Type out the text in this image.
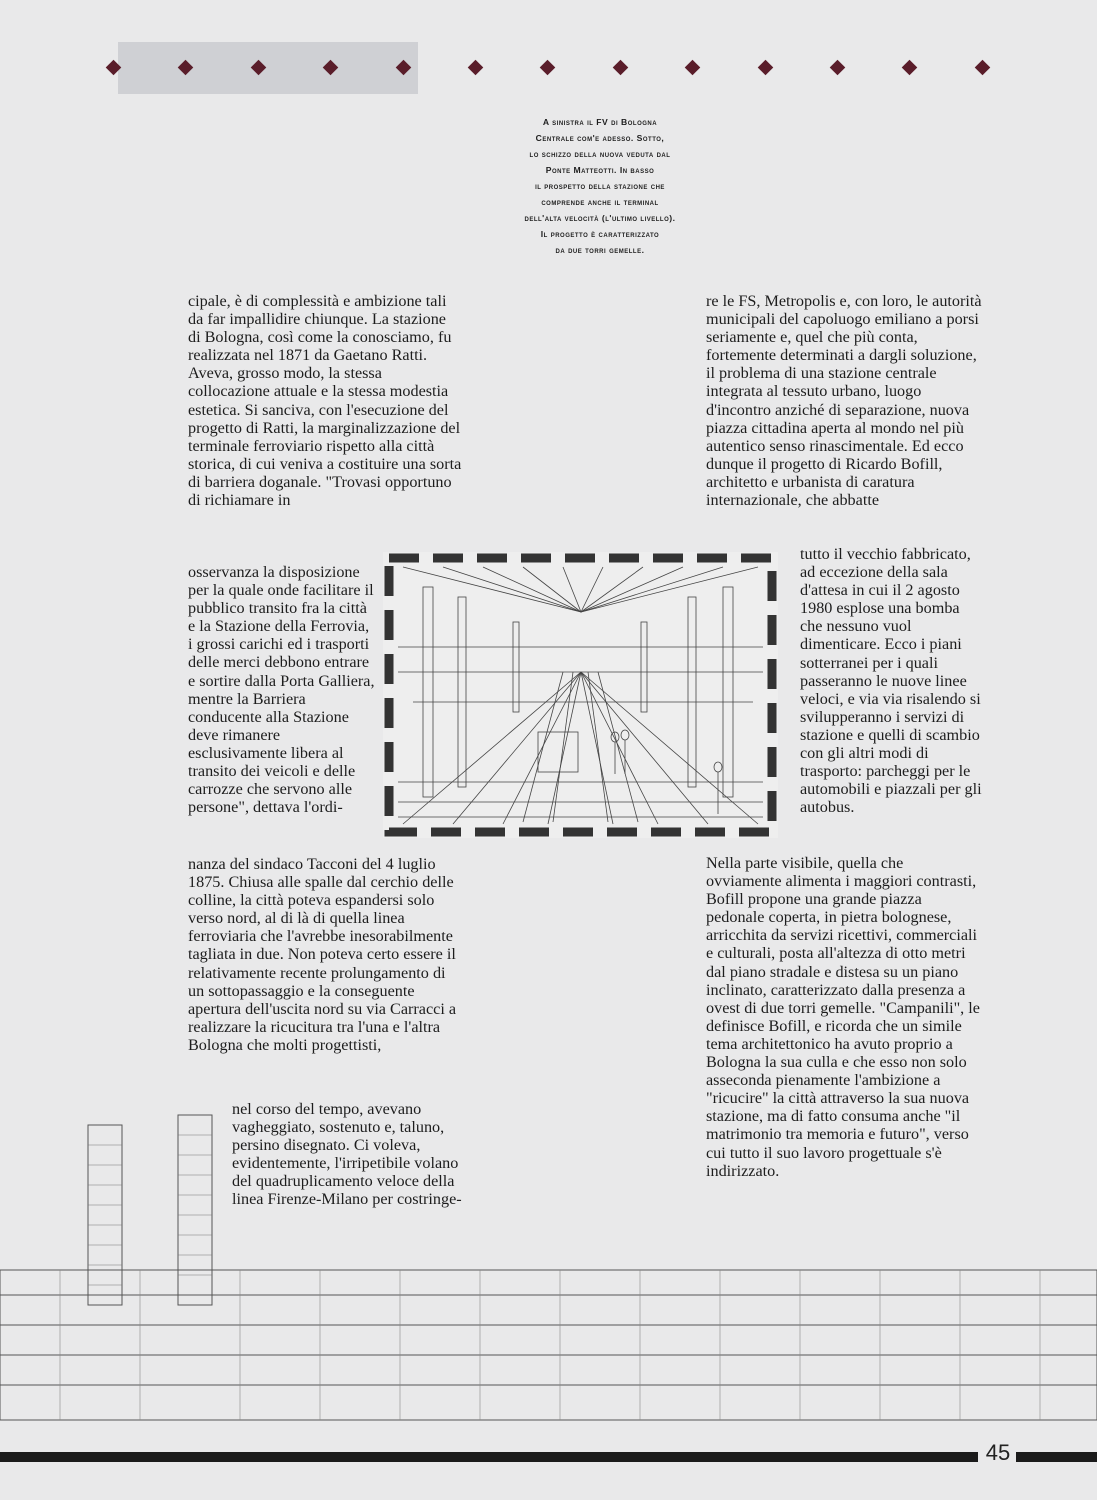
A sinistra il FV di Bologna
Centrale com'e adesso. Sotto,
lo schizzo della nuova veduta dal
Ponte Matteotti. In basso
il prospetto della stazione che
comprende anche il terminal
dell'alta velocità (l'ultimo livello).
Il progetto è caratterizzato
da due torri gemelle.

cipale, è di complessità e ambizione tali da far impallidire chiunque. La stazione di Bologna, così come la conosciamo, fu realizzata nel 1871 da Gaetano Ratti. Aveva, grosso modo, la stessa collocazione attuale e la stessa modestia estetica. Si sanciva, con l'esecuzione del progetto di Ratti, la marginalizzazione del terminale ferroviario rispetto alla città storica, di cui veniva a costituire una sorta di barriera doganale. "Trovasi opportuno di richiamare in

osservanza la disposizione per la quale onde facilitare il pubblico transito fra la città e la Stazione della Ferrovia, i grossi carichi ed i trasporti delle merci debbono entrare e sortire dalla Porta Galliera, mentre la Barriera conducente alla Stazione deve rimanere esclusivamente libera al transito dei veicoli e delle carrozze che servono alle persone", dettava l'ordi-

nanza del sindaco Tacconi del 4 luglio 1875. Chiusa alle spalle dal cerchio delle colline, la città poteva espandersi solo verso nord, al di là di quella linea ferroviaria che l'avrebbe inesorabilmente tagliata in due. Non poteva certo essere il relativamente recente prolungamento di un sottopassaggio e la conseguente apertura dell'uscita nord su via Carracci a realizzare la ricucitura tra l'una e l'altra Bologna che molti progettisti,

nel corso del tempo, avevano vagheggiato, sostenuto e, taluno, persino disegnato. Ci voleva, evidentemente, l'irripetibile volano del quadruplicamento veloce della linea Firenze-Milano per costringe-

re le FS, Metropolis e, con loro, le autorità municipali del capoluogo emiliano a porsi seriamente e, quel che più conta, fortemente determinati a dargli soluzione, il problema di una stazione centrale integrata al tessuto urbano, luogo d'incontro anziché di separazione, nuova piazza cittadina aperta al mondo nel più autentico senso rinascimentale. Ed ecco dunque il progetto di Ricardo Bofill, architetto e urbanista di caratura internazionale, che abbatte

tutto il vecchio fabbricato, ad eccezione della sala d'attesa in cui il 2 agosto 1980 esplose una bomba che nessuno vuol dimenticare. Ecco i piani sotterranei per i quali passeranno le nuove linee veloci, e via via risalendo si svilupperanno i servizi di stazione e quelli di scambio con gli altri modi di trasporto: parcheggi per le automobili e piazzali per gli autobus.

Nella parte visibile, quella che ovviamente alimenta i maggiori contrasti, Bofill propone una grande piazza pedonale coperta, in pietra bolognese, arricchita da servizi ricettivi, commerciali e culturali, posta all'altezza di otto metri dal piano stradale e distesa su un piano inclinato, caratterizzato dalla presenza a ovest di due torri gemelle. "Campanili", le definisce Bofill, e ricorda che un simile tema architettonico ha avuto proprio a Bologna la sua culla e che esso non solo asseconda pienamente l'ambizione a "ricucire" la città attraverso la sua nuova stazione, ma di fatto consuma anche "il matrimonio tra memoria e futuro", verso cui tutto il suo lavoro progettuale s'è indirizzato.

45
